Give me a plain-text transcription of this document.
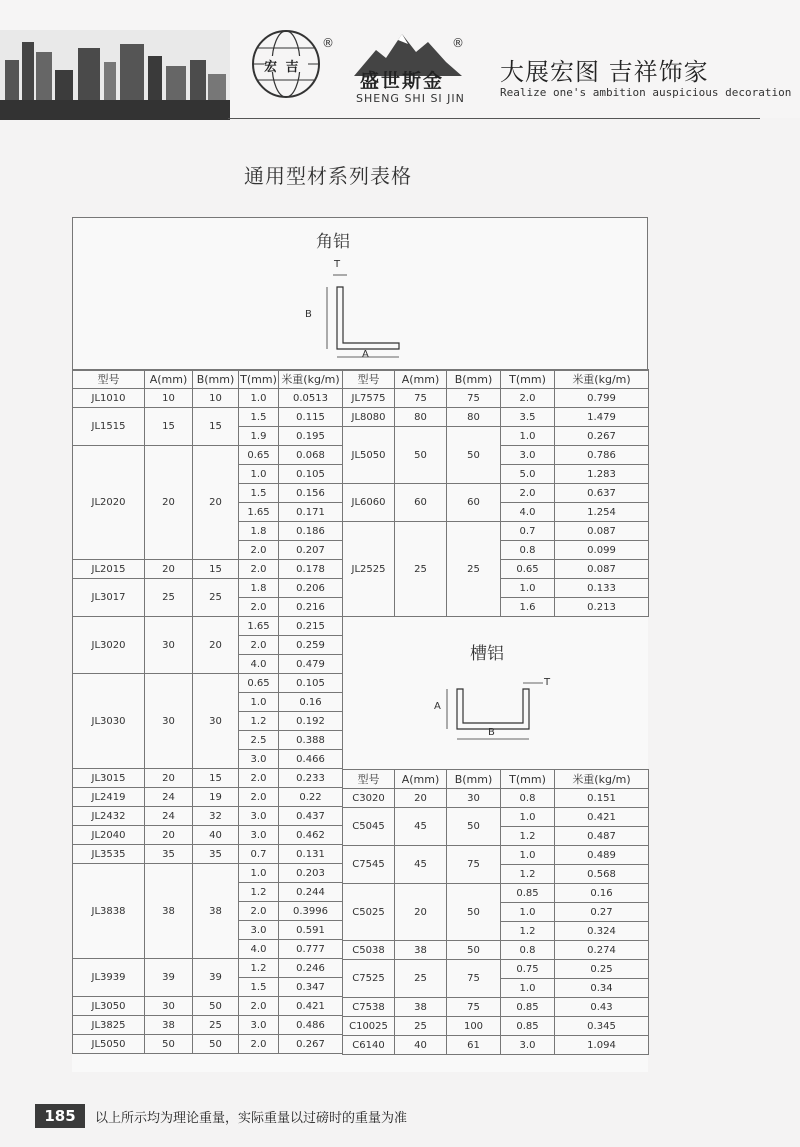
宏 吉
®	®
盛世斯金
SHENG SHI SI JIN
大展宏图 吉祥饰家
Realize one's ambition auspicious decoration
通用型材系列表格
角铝
B
A
T
型号	A(mm)	B(mm)	T(mm)	米重(kg/m)
JL1010	10	10	1.0	0.0513
JL1515	15	15	1.5	0.115
			1.9	0.195
JL2020	20	20	0.65	0.068
			1.0	0.105
			1.5	0.156
			1.65	0.171
			1.8	0.186
			2.0	0.207
JL2015	20	15	2.0	0.178
JL3017	25	25	1.8	0.206
			2.0	0.216
JL3020	30	20	1.65	0.215
			2.0	0.259
			4.0	0.479
JL3030	30	30	0.65	0.105
			1.0	0.16
			1.2	0.192
			2.5	0.388
			3.0	0.466
JL3015	20	15	2.0	0.233
JL2419	24	19	2.0	0.22
JL2432	24	32	3.0	0.437
JL2040	20	40	3.0	0.462
JL3535	35	35	0.7	0.131
JL3838	38	38	1.0	0.203
			1.2	0.244
			2.0	0.3996
			3.0	0.591
			4.0	0.777
JL3939	39	39	1.2	0.246
			1.5	0.347
JL3050	30	50	2.0	0.421
JL3825	38	25	3.0	0.486
JL5050	50	50	2.0	0.267
型号	A(mm)	B(mm)	T(mm)	米重(kg/m)
JL7575	75	75	2.0	0.799
JL8080	80	80	3.5	1.479
JL5050	50	50	1.0	0.267
			3.0	0.786
			5.0	1.283
JL6060	60	60	2.0	0.637
			4.0	1.254
JL2525	25	25	0.7	0.087
			0.8	0.099
			0.65	0.087
			1.0	0.133
			1.6	0.213
槽铝
A
B
T
型号	A(mm)	B(mm)	T(mm)	米重(kg/m)
C3020	20	30	0.8	0.151
C5045	45	50	1.0	0.421
			1.2	0.487
C7545	45	75	1.0	0.489
			1.2	0.568
C5025	20	50	0.85	0.16
			1.0	0.27
			1.2	0.324
C5038	38	50	0.8	0.274
C7525	25	75	0.75	0.25
			1.0	0.34
C7538	38	75	0.85	0.43
C10025	25	100	0.85	0.345
C6140	40	61	3.0	1.094
185	以上所示均为理论重量，实际重量以过磅时的重量为准
